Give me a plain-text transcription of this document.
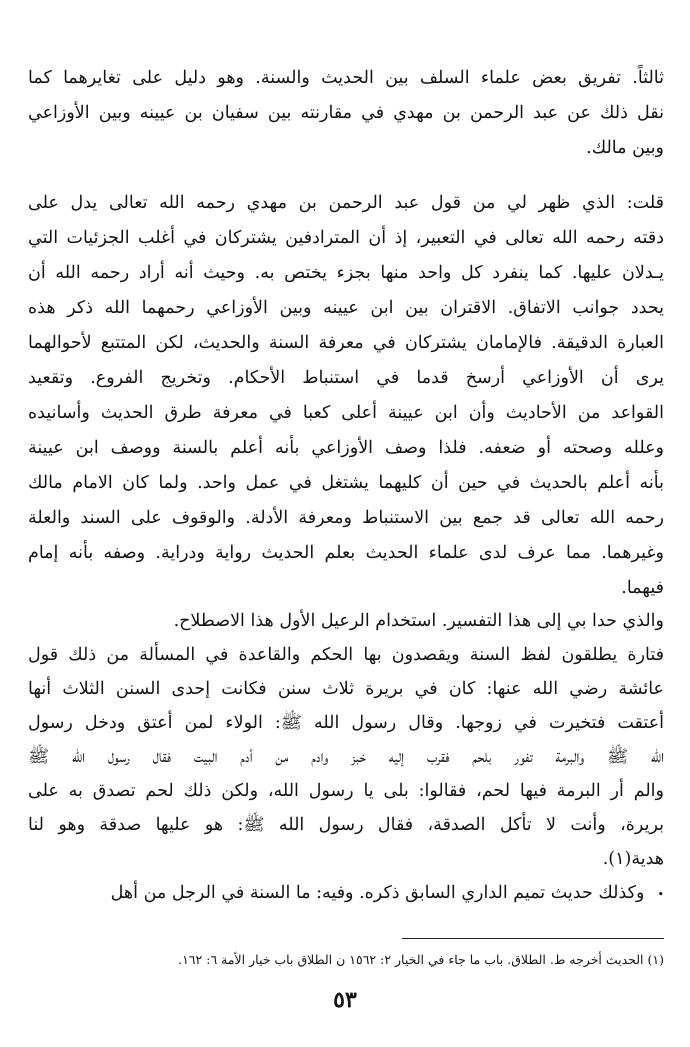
ثالثاً. تفريق بعض علماء السلف بين الحديث والسنة. وهو دليل على تغايرهما كما
نقل ذلك عن عبد الرحمن بن مهدي في مقارنته بين سفيان بن عيينه وبين الأوزاعي
وبين مالك.
قلت: الذي ظهر لي من قول عبد الرحمن بن مهدي رحمه الله تعالى يدل على
دقته رحمه الله تعالى في التعبير، إذ أن المترادفين يشتركان في أغلب الجزئيات التي
يـدلان عليها. كما ينفرد كل واحد منها بجزء يختص به. وحيث أنه أراد رحمه الله أن
يحدد جوانب الاتفاق. الاقتران بين ابن عيينه وبين الأوزاعي رحمهما الله ذكر هذه
العبارة الدقيقة. فالإمامان يشتركان في معرفة السنة والحديث، لكن المتتبع لأحوالهما
يرى أن الأوزاعي أرسخ قدما في استنباط الأحكام. وتخريج الفروع. وتقعيد
القواعد من الأحاديث وأن ابن عيينة أعلى كعبا في معرفة طرق الحديث وأسانيده
وعلله وصحته أو ضعفه. فلذا وصف الأوزاعي بأنه أعلم بالسنة ووصف ابن عيينة
بأنه أعلم بالحديث في حين أن كليهما يشتغل في عمل واحد. ولما كان الامام مالك
رحمه الله تعالى قد جمع بين الاستنباط ومعرفة الأدلة. والوقوف على السند والعلة
وغيرهما. مما عرف لدى علماء الحديث بعلم الحديث رواية ودراية. وصفه بأنه إمام
فيهما.
والذي حدا بي إلى هذا التفسير. استخدام الرعيل الأول هذا الاصطلاح.
فتارة يطلقون لفظ السنة ويقصدون بها الحكم والقاعدة في المسألة من ذلك قول
عائشة رضي الله عنها: كان في بريرة ثلاث سنن فكانت إحدى السنن الثلاث أنها
أعتقت فتخيرت في زوجها. وقال رسول الله ﷺ: الولاء لمن أعتق ودخل رسول
الله ﷺ والبرمة تفور بلحم فقرب إليه خبز وادم من أدم البيت فقال رسول الله ﷺ
والم أر البرمة فيها لحم، فقالوا: بلى يا رسول الله، ولكن ذلك لحم تصدق به على
بريرة، وأنت لا تأكل الصدقة، فقال رسول الله ﷺ: هو عليها صدقة وهو لنا
هدية(١).
• وكذلك حديث تميم الداري السابق ذكره. وفيه: ما السنة في الرجل من أهل
(١) الحديث أخرجه ط. الطلاق. باب ما جاء في الخيار ٢: ١٥٦٢ ن الطلاق باب خيار الأمة ٦: ١٦٢.
٥٣
